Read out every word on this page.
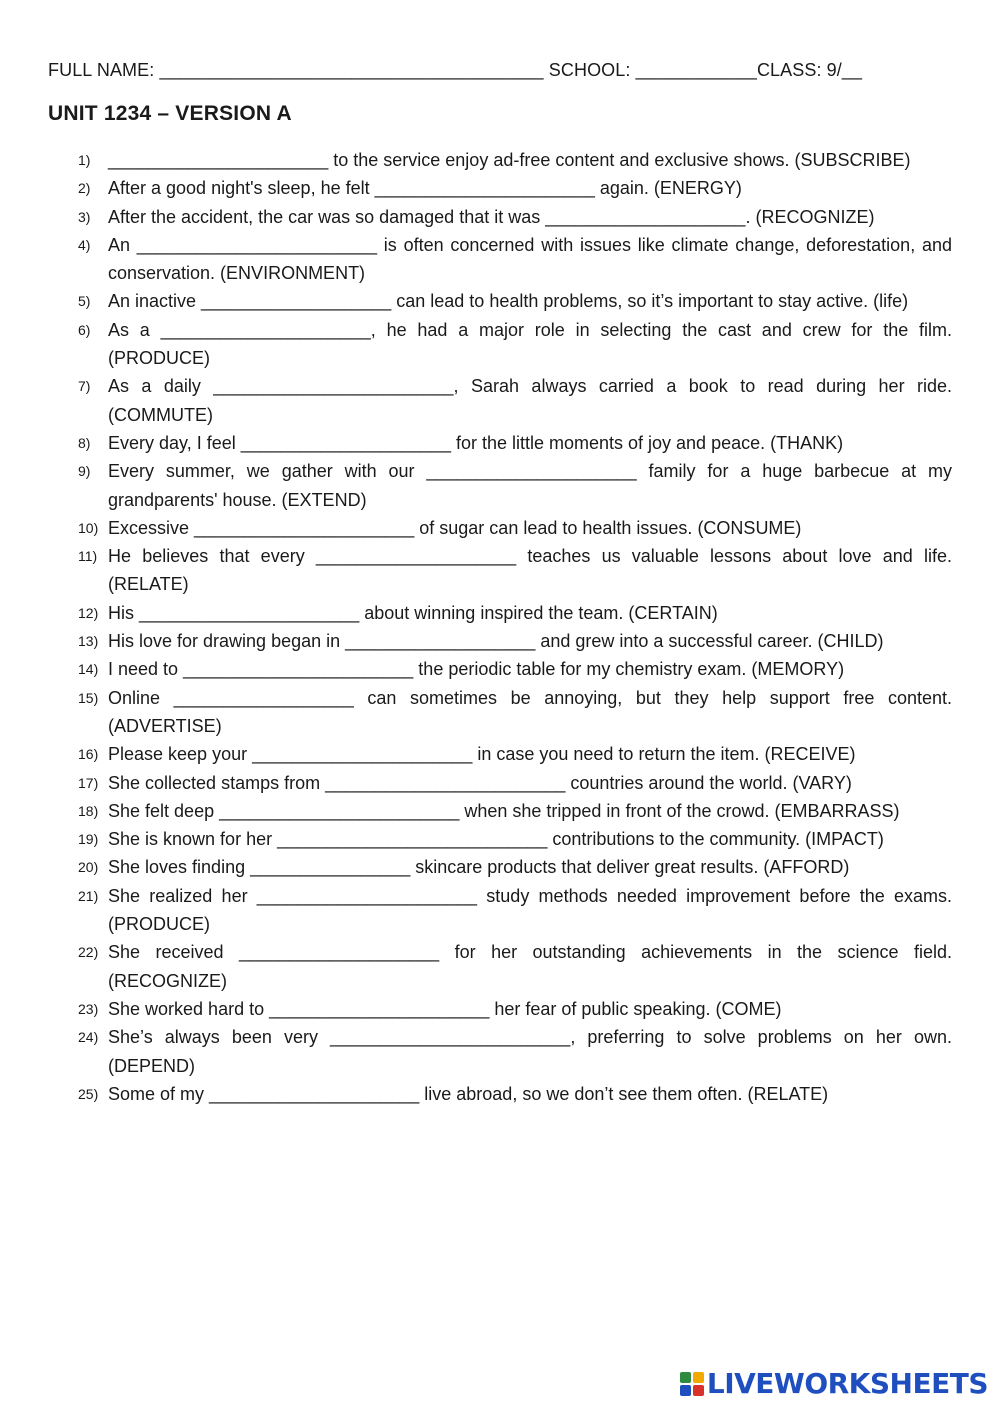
FULL NAME: ______________________________________ SCHOOL: ____________CLASS: 9/__
UNIT 1234 – VERSION A
1) ______________________ to the service enjoy ad-free content and exclusive shows. (SUBSCRIBE)
2) After a good night's sleep, he felt ______________________ again. (ENERGY)
3) After the accident, the car was so damaged that it was ____________________. (RECOGNIZE)
4) An ________________________ is often concerned with issues like climate change, deforestation, and conservation. (ENVIRONMENT)
5) An inactive ___________________ can lead to health problems, so it’s important to stay active. (life)
6) As a _____________________, he had a major role in selecting the cast and crew for the film. (PRODUCE)
7) As a daily ________________________, Sarah always carried a book to read during her ride. (COMMUTE)
8) Every day, I feel _____________________ for the little moments of joy and peace. (THANK)
9) Every summer, we gather with our _____________________ family for a huge barbecue at my grandparents' house. (EXTEND)
10) Excessive ______________________ of sugar can lead to health issues. (CONSUME)
11) He believes that every ____________________ teaches us valuable lessons about love and life. (RELATE)
12) His ______________________ about winning inspired the team. (CERTAIN)
13) His love for drawing began in ___________________ and grew into a successful career. (CHILD)
14) I need to _______________________ the periodic table for my chemistry exam. (MEMORY)
15) Online __________________ can sometimes be annoying, but they help support free content. (ADVERTISE)
16) Please keep your ______________________ in case you need to return the item. (RECEIVE)
17) She collected stamps from ________________________ countries around the world. (VARY)
18) She felt deep ________________________ when she tripped in front of the crowd. (EMBARRASS)
19) She is known for her ___________________________ contributions to the community. (IMPACT)
20) She loves finding ________________ skincare products that deliver great results. (AFFORD)
21) She realized her ______________________ study methods needed improvement before the exams. (PRODUCE)
22) She received ____________________ for her outstanding achievements in the science field. (RECOGNIZE)
23) She worked hard to ______________________ her fear of public speaking. (COME)
24) She’s always been very ________________________, preferring to solve problems on her own. (DEPEND)
25) Some of my _____________________ live abroad, so we don’t see them often. (RELATE)
LIVEWORKSHEETS
